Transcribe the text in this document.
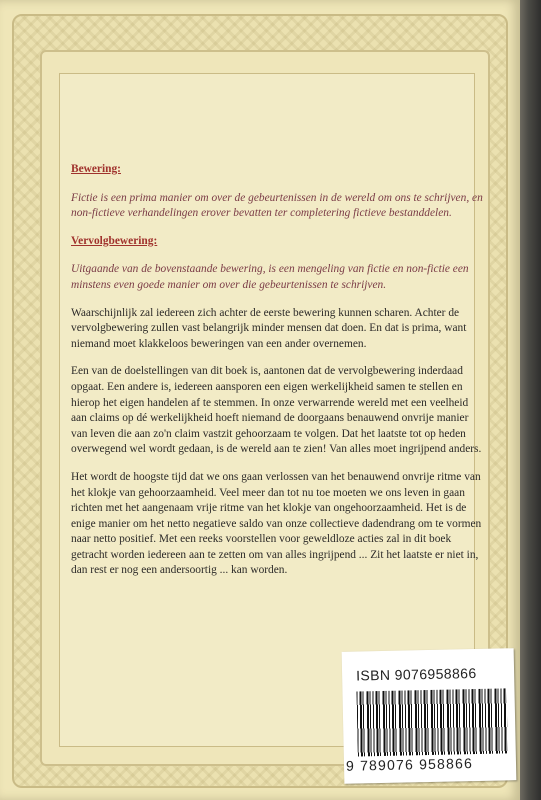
Bewering:

Fictie is een prima manier om over de gebeurtenissen in de wereld om ons te schrijven, en non-fictieve verhandelingen erover bevatten ter completering fictieve bestanddelen.

Vervolgbewering:

Uitgaande van de bovenstaande bewering, is een mengeling van fictie en non-fictie een minstens even goede manier om over die gebeurtenissen te schrijven.

Waarschijnlijk zal iedereen zich achter de eerste bewering kunnen scharen. Achter de vervolgbewering zullen vast belangrijk minder mensen dat doen. En dat is prima, want niemand moet klakkeloos beweringen van een ander overnemen.

Een van de doelstellingen van dit boek is, aantonen dat de vervolgbewering inderdaad opgaat. Een andere is, iedereen aansporen een eigen werkelijkheid samen te stellen en hierop het eigen handelen af te stemmen. In onze verwarrende wereld met een veelheid aan claims op dé werkelijkheid hoeft niemand de doorgaans benauwend onvrije manier van leven die aan zo'n claim vastzit gehoorzaam te volgen. Dat het laatste tot op heden overwegend wel wordt gedaan, is de wereld aan te zien! Van alles moet ingrijpend anders.

Het wordt de hoogste tijd dat we ons gaan verlossen van het benauwend onvrije ritme van het klokje van gehoorzaamheid. Veel meer dan tot nu toe moeten we ons leven in gaan richten met het aangenaam vrije ritme van het klokje van ongehoorzaamheid. Het is de enige manier om het netto negatieve saldo van onze collectieve dadendrang om te vormen naar netto positief. Met een reeks voorstellen voor geweldloze acties zal in dit boek getracht worden iedereen aan te zetten om van alles ingrijpend ... Zit het laatste er niet in, dan rest er nog een andersoortig ... kan worden.

ISBN 9076958866
9 789076 958866
